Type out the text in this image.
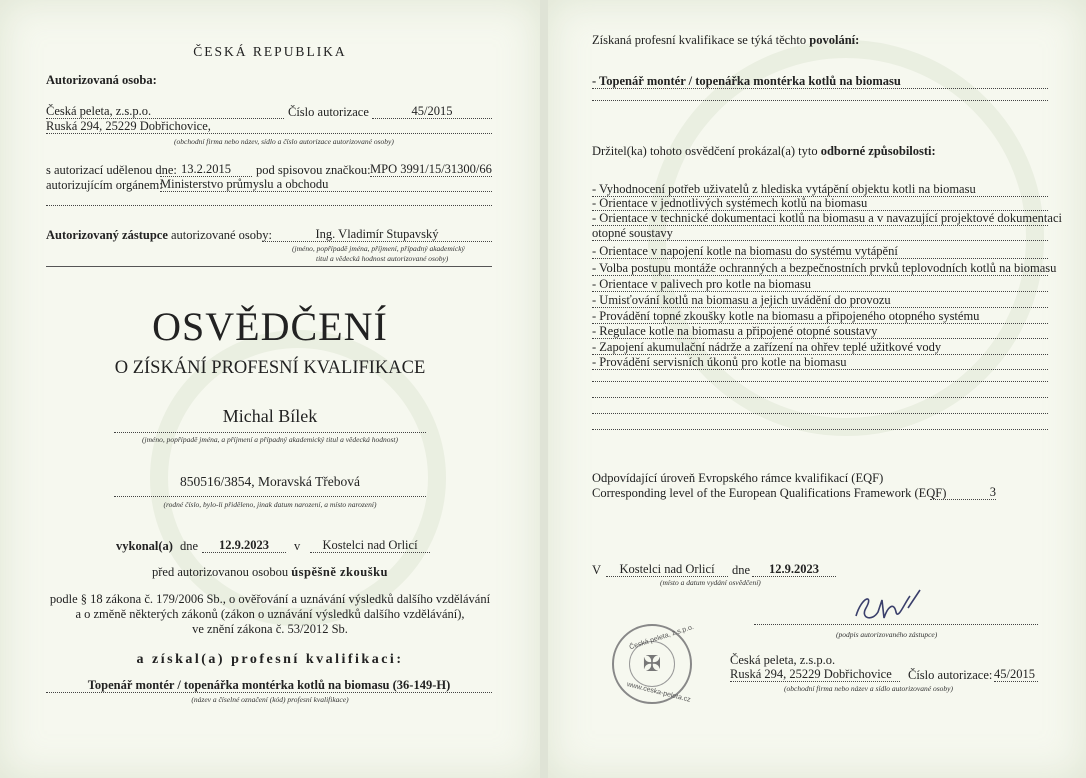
ČESKÁ REPUBLIKA
Autorizovaná osoba:
Česká peleta, z.s.p.o.	Číslo autorizace	45/2015
Ruská 294, 25229 Dobřichovice,
(obchodní firma nebo název, sídlo a číslo autorizace autorizované osoby)
s autorizací udělenou dne: 13.2.2015	pod spisovou značkou: MPO 3991/15/31300/66
autorizujícím orgánem:
Ministerstvo průmyslu a obchodu
Autorizovaný zástupce autorizované osoby:	Ing. Vladimír Stupavský
(jméno, popřípadě jména, příjmení, případný akademický
titul a vědecká hodnost autorizované osoby)
OSVĚDČENÍ
O ZÍSKÁNÍ PROFESNÍ KVALIFIKACE
Michal Bílek
(jméno, popřípadě jména, a příjmení a případný akademický titul a vědecká hodnost)
850516/3854, Moravská Třebová
(rodné číslo, bylo-li přiděleno, jinak datum narození, a místo narození)
vykonal(a) dne	12.9.2023	v	Kostelci nad Orlicí
před autorizovanou osobou úspěšně zkoušku
podle § 18 zákona č. 179/2006 Sb., o ověřování a uznávání výsledků dalšího vzdělávání
a o změně některých zákonů (zákon o uznávání výsledků dalšího vzdělávání),
ve znění zákona č. 53/2012 Sb.
a získal(a) profesní kvalifikaci:
Topenář montér / topenářka montérka kotlů na biomasu (36-149-H)
(název a číselné označení (kód) profesní kvalifikace)
Získaná profesní kvalifikace se týká těchto povolání:
- Topenář montér / topenářka montérka kotlů na biomasu
Držitel(ka) tohoto osvědčení prokázal(a) tyto odborné způsobilosti:
- Vyhodnocení potřeb uživatelů z hlediska vytápění objektu kotli na biomasu
- Orientace v jednotlivých systémech kotlů na biomasu
- Orientace v technické dokumentaci kotlů na biomasu a v navazující projektové dokumentaci
otopné soustavy
- Orientace v napojení kotle na biomasu do systému vytápění
- Volba postupu montáže ochranných a bezpečnostních prvků teplovodních kotlů na biomasu
- Orientace v palivech pro kotle na biomasu
- Umisťování kotlů na biomasu a jejich uvádění do provozu
- Provádění topné zkoušky kotle na biomasu a připojeného otopného systému
- Regulace kotle na biomasu a připojené otopné soustavy
- Zapojení akumulační nádrže a zařízení na ohřev teplé užitkové vody
- Provádění servisních úkonů pro kotle na biomasu
Odpovídající úroveň Evropského rámce kvalifikací (EQF)
Corresponding level of the European Qualifications Framework (EQF)	3
V	Kostelci nad Orlicí	dne	12.9.2023
(místo a datum vydání osvědčení)
(podpis autorizovaného zástupce)
Česká peleta, z.s.p.o.
✠
www.ceska-peleta.cz
Česká peleta, z.s.p.o.
Ruská 294, 25229 Dobřichovice	Číslo autorizace: 45/2015
(obchodní firma nebo název a sídlo autorizované osoby)
